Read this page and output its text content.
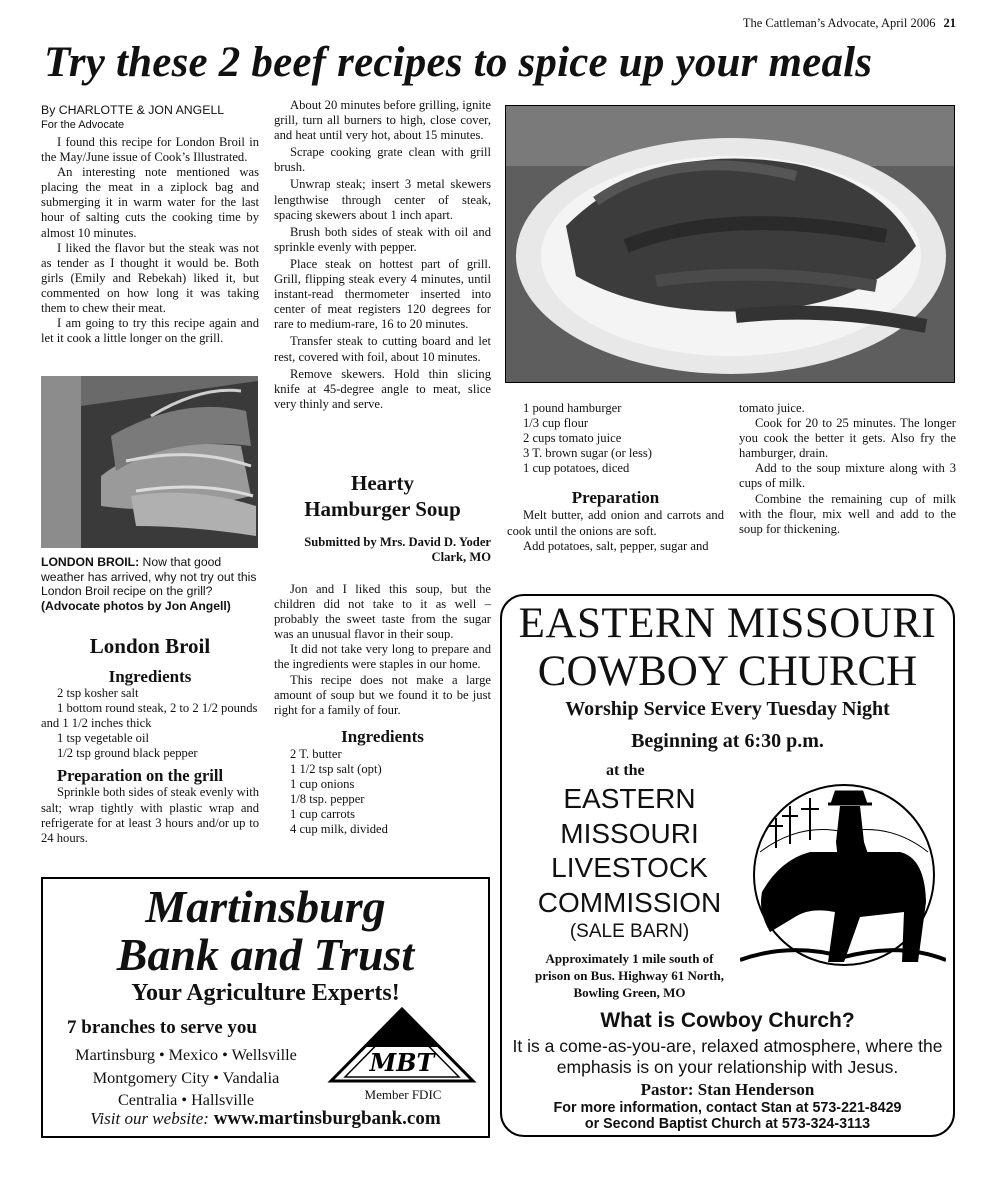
The Cattleman’s Advocate, April 2006 21
Try these 2 beef recipes to spice up your meals
By CHARLOTTE & JON ANGELL
For the Advocate

I found this recipe for London Broil in the May/June issue of Cook’s Illustrated.

An interesting note mentioned was placing the meat in a ziplock bag and submerging it in warm water for the last hour of salting cuts the cooking time by almost 10 minutes.

I liked the flavor but the steak was not as tender as I thought it would be. Both girls (Emily and Rebekah) liked it, but commented on how long it was taking them to chew their meat.

I am going to try this recipe again and let it cook a little longer on the grill.

LONDON BROIL: Now that good weather has arrived, why not try out this London Broil recipe on the grill? (Advocate photos by Jon Angell)
London Broil
Ingredients
2 tsp kosher salt
1 bottom round steak, 2 to 2 1/2 pounds and 1 1/2 inches thick
1 tsp vegetable oil
1/2 tsp ground black pepper
Preparation on the grill

Sprinkle both sides of steak evenly with salt; wrap tightly with plastic wrap and refrigerate for at least 3 hours and/or up to 24 hours.

About 20 minutes before grilling, ignite grill, turn all burners to high, close cover, and heat until very hot, about 15 minutes.

Scrape cooking grate clean with grill brush.

Unwrap steak; insert 3 metal skewers lengthwise through center of steak, spacing skewers about 1 inch apart.

Brush both sides of steak with oil and sprinkle evenly with pepper.

Place steak on hottest part of grill. Grill, flipping steak every 4 minutes, until instant-read thermometer inserted into center of meat registers 120 degrees for rare to medium-rare, 16 to 20 minutes.

Transfer steak to cutting board and let rest, covered with foil, about 10 minutes.

Remove skewers. Hold thin slicing knife at 45-degree angle to meat, slice very thinly and serve.

Hearty
Hamburger Soup
Submitted by Mrs. David D. Yoder
Clark, MO

Jon and I liked this soup, but the children did not take to it as well – probably the sweet taste from the sugar was an unusual flavor in their soup.

It did not take very long to prepare and the ingredients were staples in our home.

This recipe does not make a large amount of soup but we found it to be just right for a family of four.

Ingredients
2 T. butter
1 1/2 tsp salt (opt)
1 cup onions
1/8 tsp. pepper
1 cup carrots
4 cup milk, divided
1 pound hamburger
1/3 cup flour
2 cups tomato juice
3 T. brown sugar (or less)
1 cup potatoes, diced
Preparation

Melt butter, add onion and carrots and cook until the onions are soft.

Add potatoes, salt, pepper, sugar and

tomato juice.

Cook for 20 to 25 minutes. The longer you cook the better it gets. Also fry the hamburger, drain.

Add to the soup mixture along with 3 cups of milk.

Combine the remaining cup of milk with the flour, mix well and add to the soup for thickening.

Martinsburg
Bank and Trust
Your Agriculture Experts!
7 branches to serve you
Martinsburg • Mexico • Wellsville
Montgomery City • Vandalia
Centralia • Hallsville
MBT
Member FDIC
Visit our website: www.martinsburgbank.com
EASTERN MISSOURI
COWBOY CHURCH
Worship Service Every Tuesday Night
Beginning at 6:30 p.m.
at the
EASTERN
MISSOURI
LIVESTOCK
COMMISSION
(SALE BARN)
Approximately 1 mile south of
prison on Bus. Highway 61 North,
Bowling Green, MO
What is Cowboy Church?
It is a come-as-you-are, relaxed atmosphere, where the emphasis is on your relationship with Jesus.
Pastor: Stan Henderson
For more information, contact Stan at 573-221-8429
or Second Baptist Church at 573-324-3113
